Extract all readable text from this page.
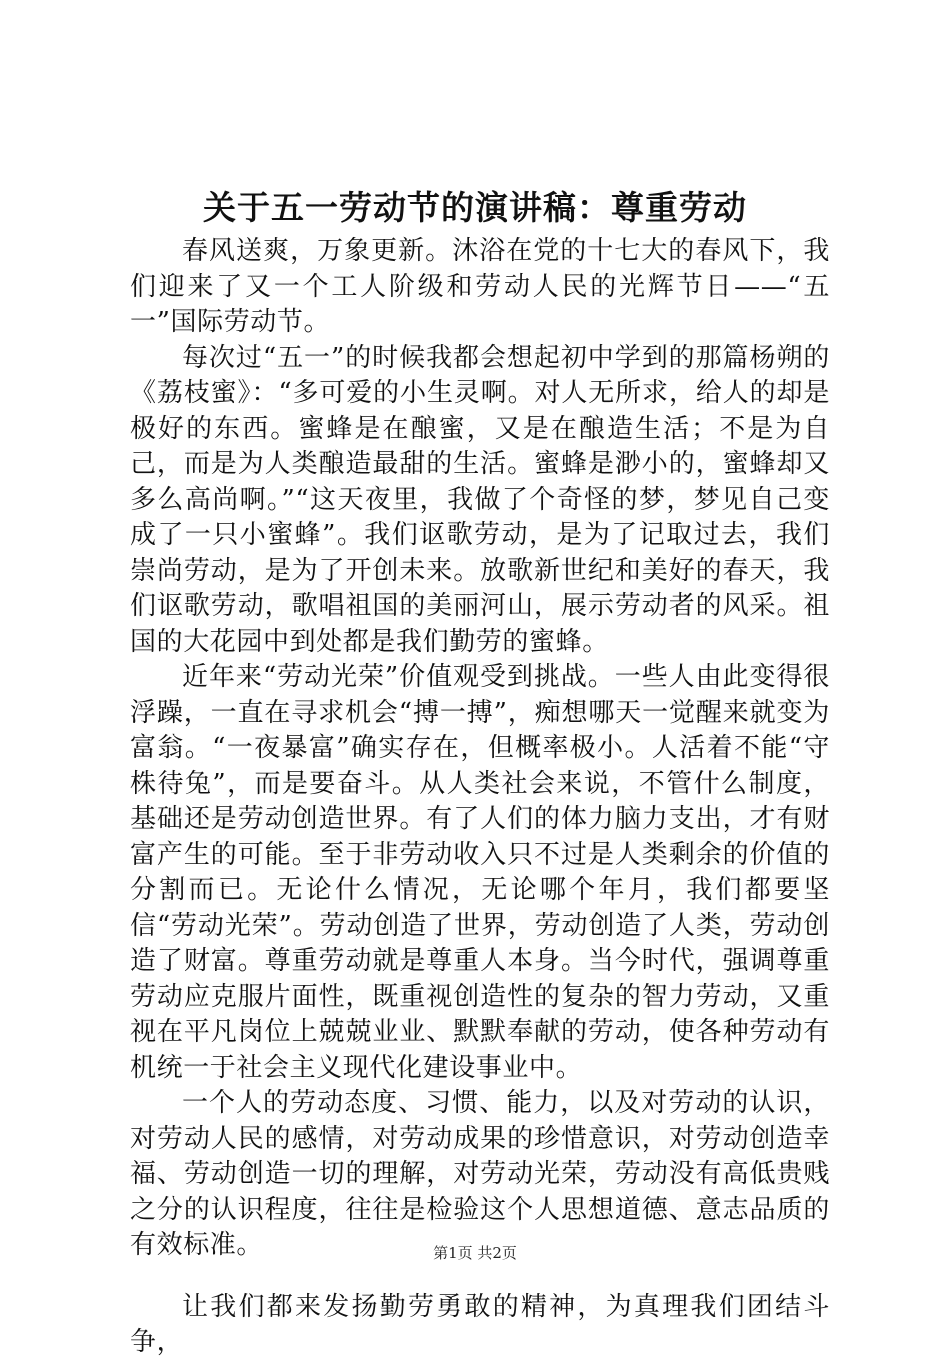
关于五一劳动节的演讲稿：尊重劳动

春风送爽，万象更新。沐浴在党的十七大的春风下，我们迎来了又一个工人阶级和劳动人民的光辉节日——“五一”国际劳动节。

每次过“五一”的时候我都会想起初中学到的那篇杨朔的《荔枝蜜》：“多可爱的小生灵啊。对人无所求，给人的却是极好的东西。蜜蜂是在酿蜜，又是在酿造生活；不是为自己，而是为人类酿造最甜的生活。蜜蜂是渺小的，蜜蜂却又多么高尚啊。”“这天夜里，我做了个奇怪的梦，梦见自己变成了一只小蜜蜂”。我们讴歌劳动，是为了记取过去，我们崇尚劳动，是为了开创未来。放歌新世纪和美好的春天，我们讴歌劳动，歌唱祖国的美丽河山，展示劳动者的风采。祖国的大花园中到处都是我们勤劳的蜜蜂。

近年来“劳动光荣”价值观受到挑战。一些人由此变得很浮躁，一直在寻求机会“搏一搏”，痴想哪天一觉醒来就变为富翁。“一夜暴富”确实存在，但概率极小。人活着不能“守株待兔”，而是要奋斗。从人类社会来说，不管什么制度，基础还是劳动创造世界。有了人们的体力脑力支出，才有财富产生的可能。至于非劳动收入只不过是人类剩余的价值的分割而已。无论什么情况，无论哪个年月，我们都要坚信“劳动光荣”。劳动创造了世界，劳动创造了人类，劳动创造了财富。尊重劳动就是尊重人本身。当今时代，强调尊重劳动应克服片面性，既重视创造性的复杂的智力劳动，又重视在平凡岗位上兢兢业业、默默奉献的劳动，使各种劳动有机统一于社会主义现代化建设事业中。

一个人的劳动态度、习惯、能力，以及对劳动的认识，对劳动人民的感情，对劳动成果的珍惜意识，对劳动创造幸福、劳动创造一切的理解，对劳动光荣，劳动没有高低贵贱之分的认识程度，往往是检验这个人思想道德、意志品质的有效标准。

让我们都来发扬勤劳勇敢的精神，为真理我们团结斗争，

第1页 共2页
